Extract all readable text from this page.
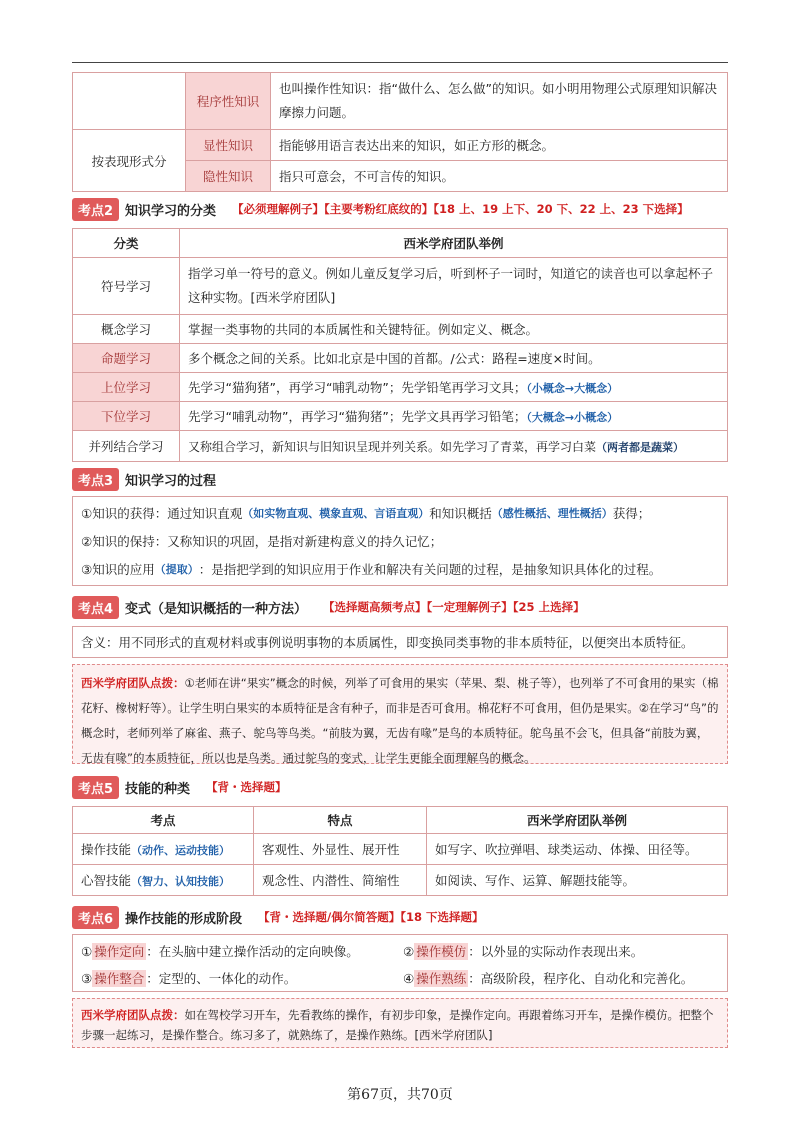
	程序性知识	也叫操作性知识：指“做什么、怎么做”的知识。如小明用物理公式原理知识解决摩擦力问题。
按表现形式分	显性知识	指能够用语言表达出来的知识，如正方形的概念。
	隐性知识	指只可意会，不可言传的知识。
考点2 知识学习的分类 【必须理解例子】【主要考粉红底纹的】【18 上、19 上下、20 下、22 上、23 下选择】
分类	西米学府团队举例
符号学习	指学习单一符号的意义。例如儿童反复学习后，听到杯子一词时，知道它的读音也可以拿起杯子这种实物。[西米学府团队]
概念学习	掌握一类事物的共同的本质属性和关键特征。例如定义、概念。
命题学习	多个概念之间的关系。比如北京是中国的首都。/公式：路程=速度×时间。
上位学习	先学习“猫狗猪”，再学习“哺乳动物”；先学铅笔再学习文具；（小概念→大概念）
下位学习	先学习“哺乳动物”，再学习“猫狗猪”；先学文具再学习铅笔；（大概念→小概念）
并列结合学习	又称组合学习，新知识与旧知识呈现并列关系。如先学习了青菜，再学习白菜（两者都是蔬菜）
考点3 知识学习的过程
①知识的获得：通过知识直观 （如实物直观、模象直观、言语直观） 和知识概括 （感性概括、理性概括） 获得；
②知识的保持：又称知识的巩固，是指对新建构意义的持久记忆；
③知识的应用 （提取） ：是指把学到的知识应用于作业和解决有关问题的过程，是抽象知识具体化的过程。
考点4 变式（是知识概括的一种方法） 【选择题高频考点】【一定理解例子】【25 上选择】
含义：用不同形式的直观材料或事例说明事物的本质属性，即变换同类事物的非本质特征，以便突出本质特征。
西米学府团队点拨：①老师在讲“果实”概念的时候，列举了可食用的果实（苹果、梨、桃子等），也列举了不可食用的果实（棉花籽、橡树籽等）。让学生明白果实的本质特征是含有种子，而非是否可食用。棉花籽不可食用，但仍是果实。②在学习“鸟”的概念时，老师列举了麻雀、燕子、鸵鸟等鸟类。“前肢为翼，无齿有喙”是鸟的本质特征。鸵鸟虽不会飞，但具备“前肢为翼，无齿有喙”的本质特征，所以也是鸟类。通过鸵鸟的变式，让学生更能全面理解鸟的概念。
考点5 技能的种类 【背・选择题】
考点	特点	西米学府团队举例
操作技能（动作、运动技能）	客观性、外显性、展开性	如写字、吹拉弹唱、球类运动、体操、田径等。
心智技能（智力、认知技能）	观念性、内潜性、简缩性	如阅读、写作、运算、解题技能等。
考点6 操作技能的形成阶段 【背・选择题/偶尔简答题】【18 下选择题】
① 操作定向 ：在头脑中建立操作活动的定向映像。	② 操作模仿 ：以外显的实际动作表现出来。
③ 操作整合 ：定型的、一体化的动作。	④ 操作熟练 ：高级阶段，程序化、自动化和完善化。
西米学府团队点拨：如在驾校学习开车，先看教练的操作，有初步印象，是操作定向。再跟着练习开车，是操作模仿。把整个步骤一起练习，是操作整合。练习多了，就熟练了，是操作熟练。[西米学府团队]
第67页，共70页
